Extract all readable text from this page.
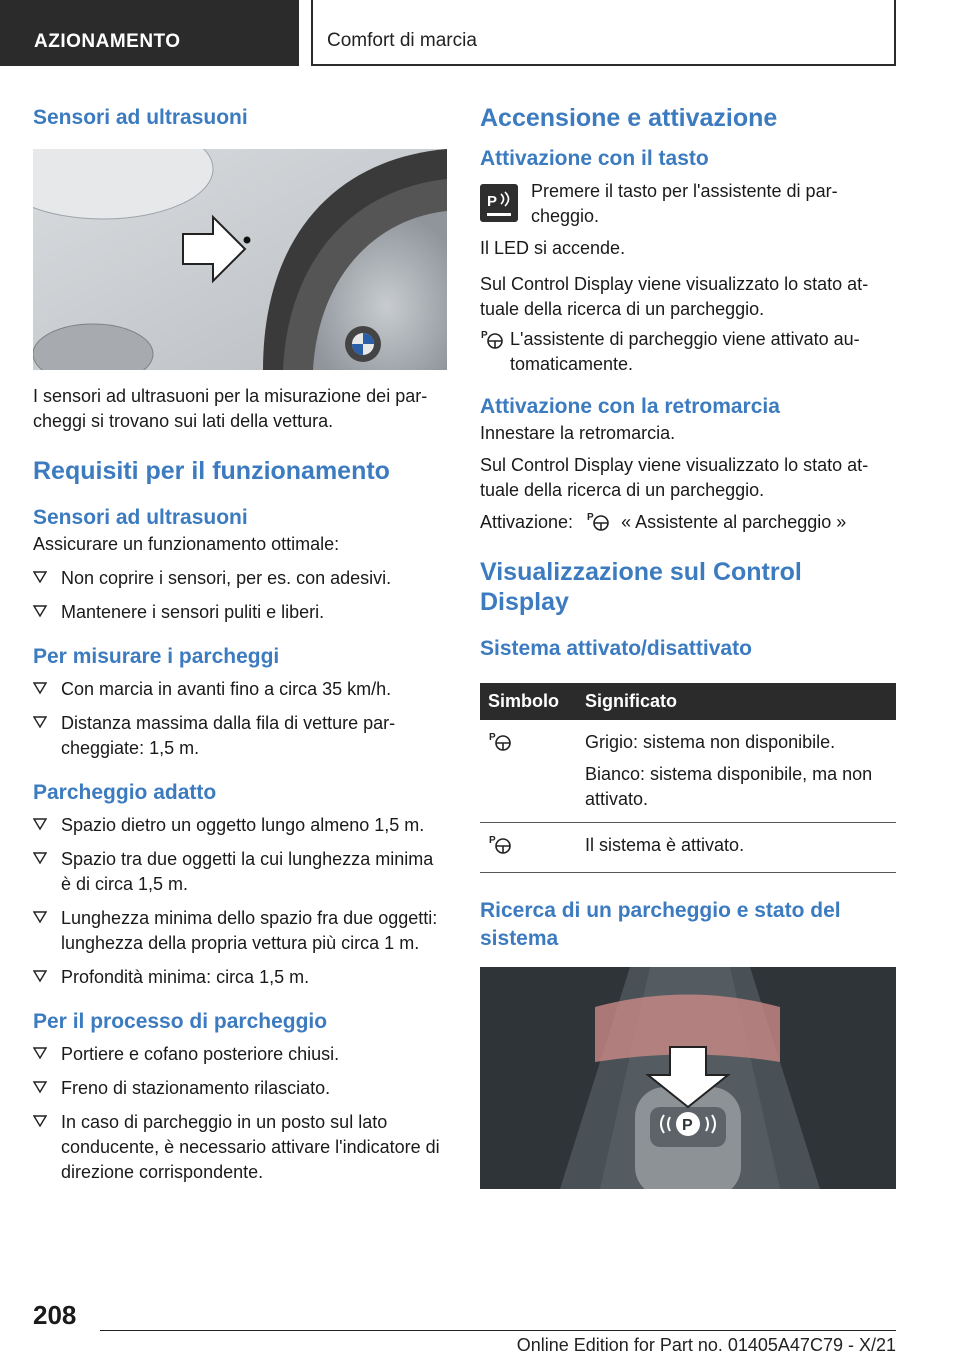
AZIONAMENTO	Comfort di marcia
Sensori ad ultrasuoni

I sensori ad ultrasuoni per la misurazione dei parcheggi si trovano sui lati della vettura.

Requisiti per il funzionamento
Sensori ad ultrasuoni

Assicurare un funzionamento ottimale:

Non coprire i sensori, per es. con adesivi.
Mantenere i sensori puliti e liberi.
Per misurare i parcheggi
Con marcia in avanti fino a circa 35 km/h.
Distanza massima dalla fila di vetture parcheggiate: 1,5 m.
Parcheggio adatto
Spazio dietro un oggetto lungo almeno 1,5 m.
Spazio tra due oggetti la cui lunghezza minima è di circa 1,5 m.
Lunghezza minima dello spazio fra due oggetti: lunghezza della propria vettura più circa 1 m.
Profondità minima: circa 1,5 m.
Per il processo di parcheggio
Portiere e cofano posteriore chiusi.
Freno di stazionamento rilasciato.
In caso di parcheggio in un posto sul lato conducente, è necessario attivare l'indicatore di direzione corrispondente.
Accensione e attivazione
Attivazione con il tasto
P

Premere il tasto per l'assistente di parcheggio.

Il LED si accende.

Sul Control Display viene visualizzato lo stato attuale della ricerca di un parcheggio.

P L'assistente di parcheggio viene attivato automaticamente.

Attivazione con la retromarcia

Innestare la retromarcia.

Sul Control Display viene visualizzato lo stato attuale della ricerca di un parcheggio.

Attivazione: P « Assistente al parcheggio »

Visualizzazione sul Control Display
Sistema attivato/disattivato
Simbolo	Significato

P	Grigio: sistema non disponibile.
Bianco: sistema disponibile, ma non attivato.

P	Il sistema è attivato.
Ricerca di un parcheggio e stato del sistema
P
208
Online Edition for Part no. 01405A47C79 - X/21
